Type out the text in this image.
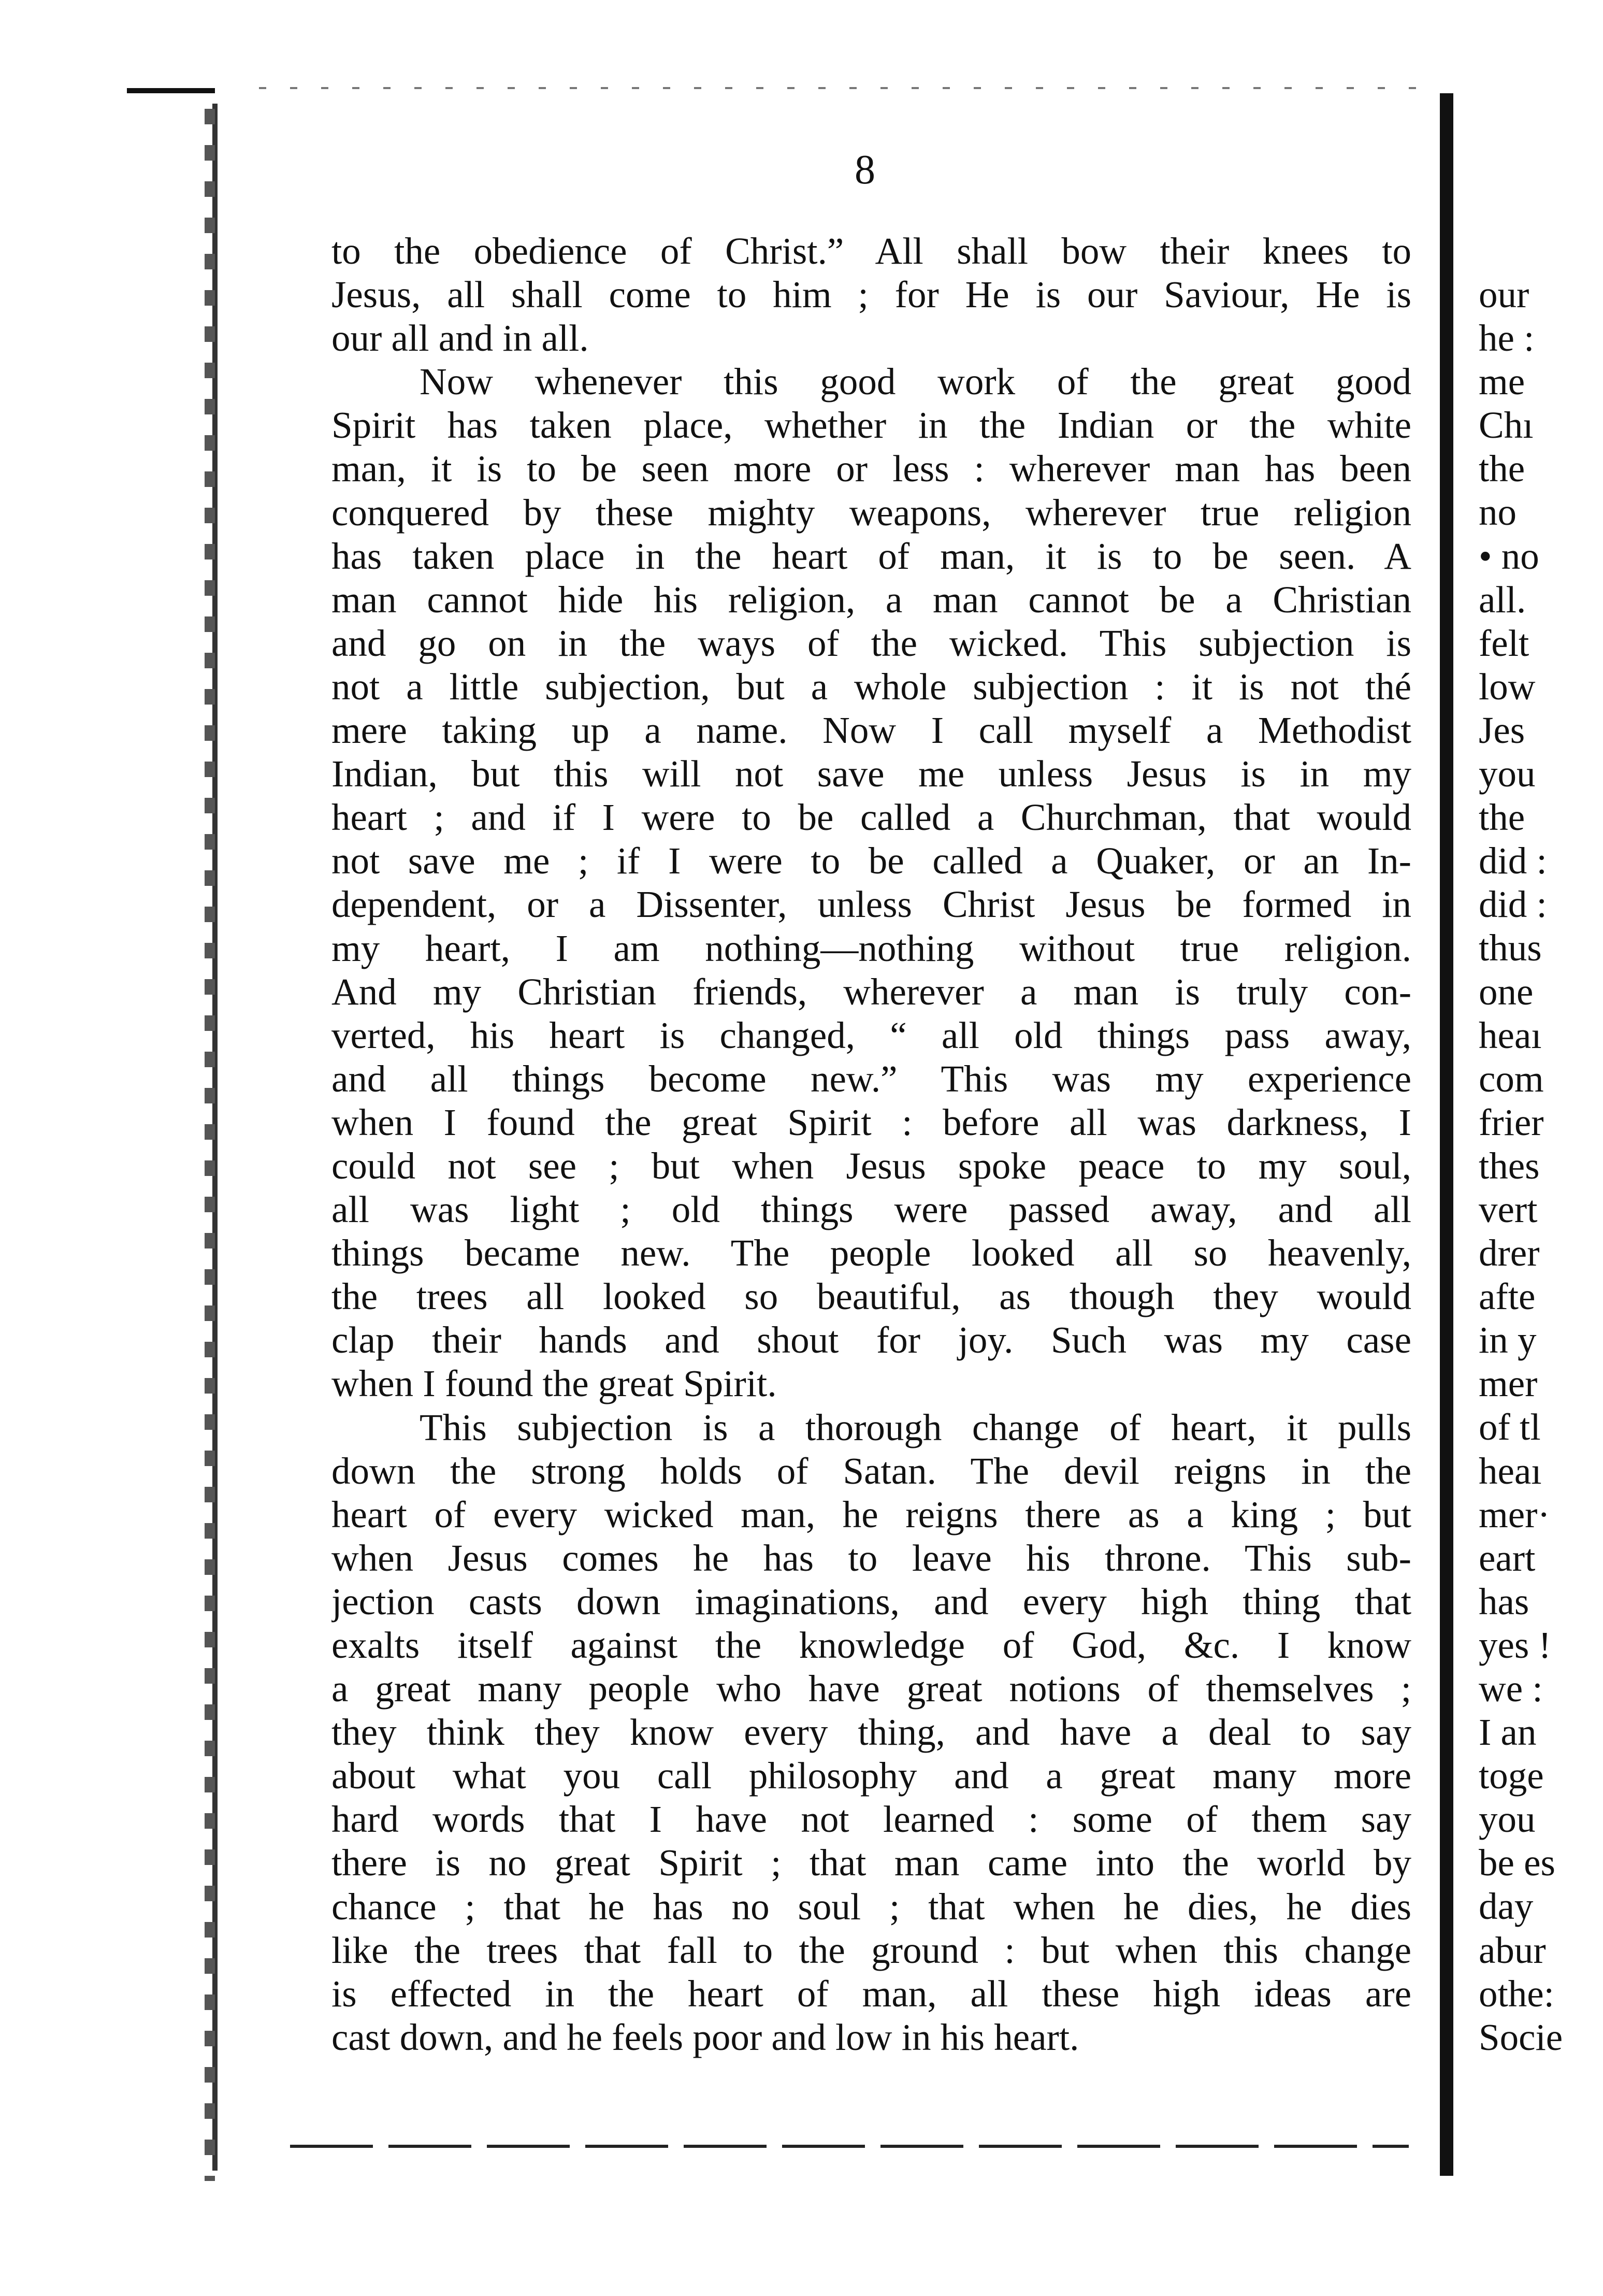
8
to the obedience of Christ.” All shall bow their knees to
Jesus, all shall come to him ; for He is our Saviour, He is
our all and in all.
Now whenever this good work of the great good
Spirit has taken place, whether in the Indian or the white
man, it is to be seen more or less : wherever man has been
conquered by these mighty weapons, wherever true religion
has taken place in the heart of man, it is to be seen. A
man cannot hide his religion, a man cannot be a Christian
and go on in the ways of the wicked. This subjection is
not a little subjection, but a whole subjection : it is not thé
mere taking up a name. Now I call myself a Methodist
Indian, but this will not save me unless Jesus is in my
heart ; and if I were to be called a Churchman, that would
not save me ; if I were to be called a Quaker, or an In-
dependent, or a Dissenter, unless Christ Jesus be formed in
my heart, I am nothing—nothing without true religion.
And my Christian friends, wherever a man is truly con-
verted, his heart is changed, “ all old things pass away,
and all things become new.” This was my experience
when I found the great Spirit : before all was darkness, I
could not see ; but when Jesus spoke peace to my soul,
all was light ; old things were passed away, and all
things became new. The people looked all so heavenly,
the trees all looked so beautiful, as though they would
clap their hands and shout for joy. Such was my case
when I found the great Spirit.
This subjection is a thorough change of heart, it pulls
down the strong holds of Satan. The devil reigns in the
heart of every wicked man, he reigns there as a king ; but
when Jesus comes he has to leave his throne. This sub-
jection casts down imaginations, and every high thing that
exalts itself against the knowledge of God, &c. I know
a great many people who have great notions of themselves ;
they think they know every thing, and have a deal to say
about what you call philosophy and a great many more
hard words that I have not learned : some of them say
there is no great Spirit ; that man came into the world by
chance ; that he has no soul ; that when he dies, he dies
like the trees that fall to the ground : but when this change
is effected in the heart of man, all these high ideas are
cast down, and he feels poor and low in his heart.
our
he :
me
Chı
the
no
• no
all.
felt
low
Jes
you
the
did :
did :
thus
one
heaı
com
frier
thes
vert
drer
afte
in y
mer
of tl
heaı
mer·
eart
has
yes !
we :
I an
toge
you
be es
day
abur
othe:
Socie
